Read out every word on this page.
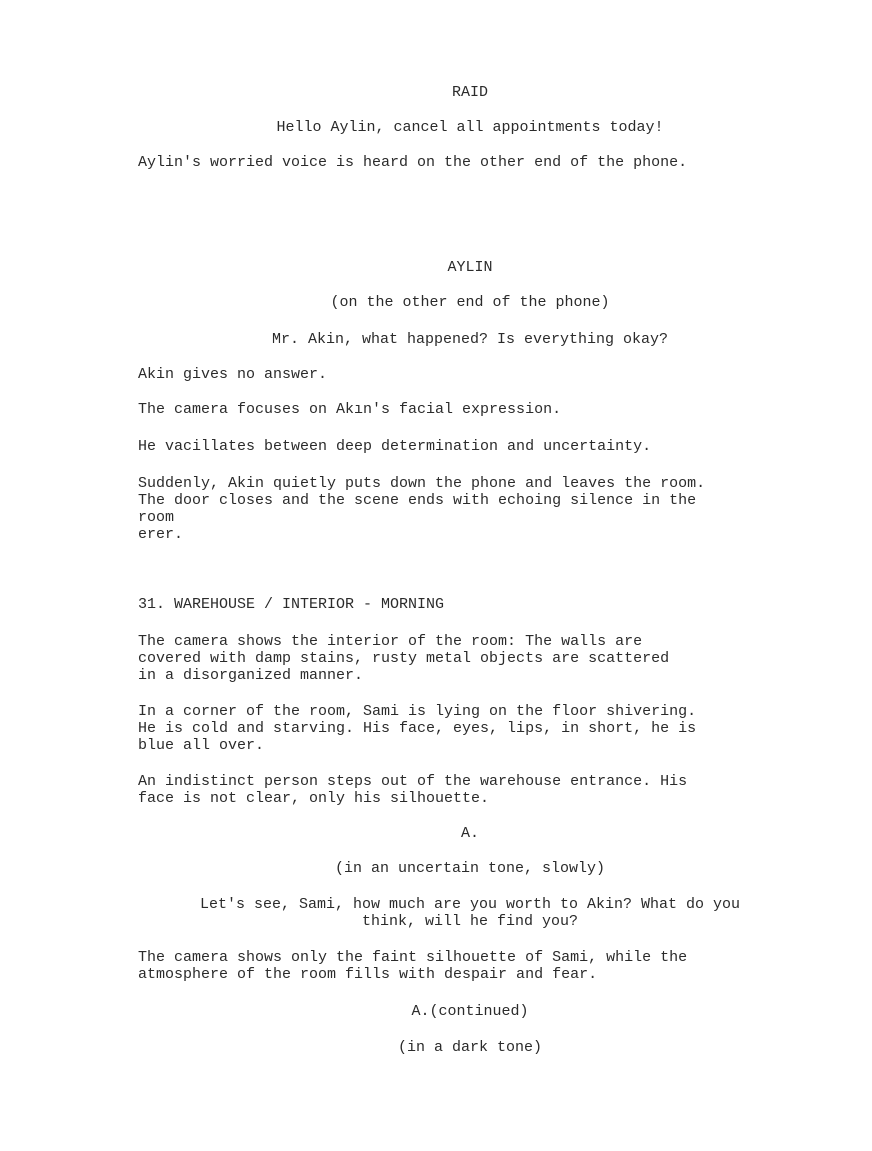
RAID
Hello Aylin, cancel all appointments today!
Aylin's worried voice is heard on the other end of the phone.
AYLIN
(on the other end of the phone)
Mr. Akin, what happened? Is everything okay?
Akin gives no answer.
The camera focuses on Akın's facial expression.
He vacillates between deep determination and uncertainty.
Suddenly, Akin quietly puts down the phone and leaves the room.
The door closes and the scene ends with echoing silence in the
room
erer.
31. WAREHOUSE / INTERIOR - MORNING
The camera shows the interior of the room: The walls are
covered with damp stains, rusty metal objects are scattered
in a disorganized manner.
In a corner of the room, Sami is lying on the floor shivering.
He is cold and starving. His face, eyes, lips, in short, he is
blue all over.
An indistinct person steps out of the warehouse entrance. His
face is not clear, only his silhouette.
A.
(in an uncertain tone, slowly)
Let's see, Sami, how much are you worth to Akin? What do you
think, will he find you?
The camera shows only the faint silhouette of Sami, while the
atmosphere of the room fills with despair and fear.
A.(continued)
(in a dark tone)
